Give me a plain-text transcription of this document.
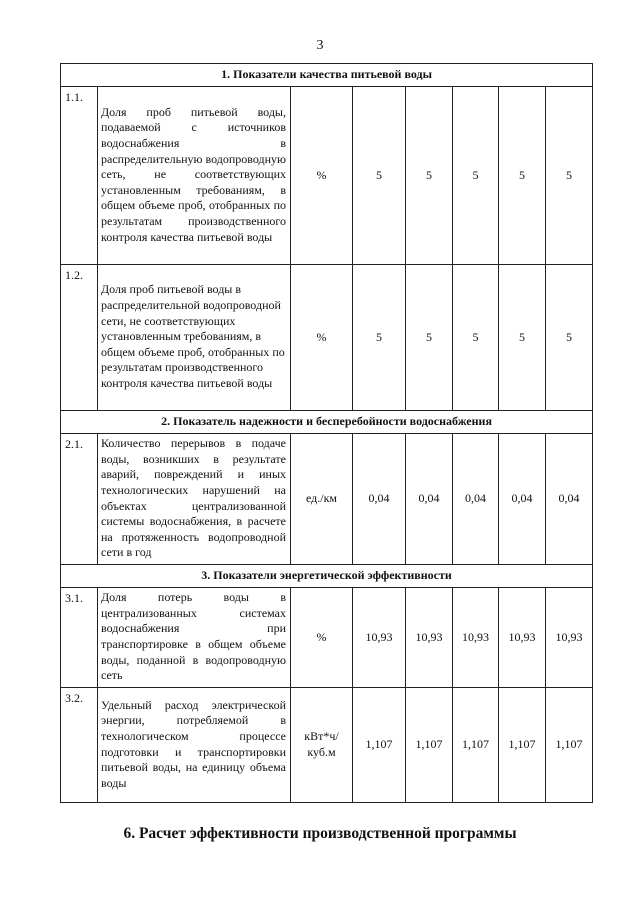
3
1. Показатели качества питьевой воды							
1.1.	Доля проб питьевой воды, подаваемой с источников водоснабжения в распределительную водопроводную сеть, не соответствующих установленным требованиям, в общем объеме проб, отобранных по результатам производственного контроля качества питьевой воды	%	5	5	5	5	5
1.2.	Доля проб питьевой воды в распределительной водопроводной сети, не соответствующих установленным требованиям, в общем объеме проб, отобранных по результатам производственного контроля качества питьевой воды	%	5	5	5	5	5
2. Показатель надежности и бесперебойности водоснабжения							
2.1.	Количество перерывов в подаче воды, возникших в результате аварий, повреждений и иных технологических нарушений на объектах централизованной системы водоснабжения, в расчете на протяженность водопроводной сети в год	ед./км	0,04	0,04	0,04	0,04	0,04
3. Показатели энергетической эффективности							
3.1.	Доля потерь воды в централизованных системах водоснабжения при транспортировке в общем объеме воды, поданной в водопроводную сеть	%	10,93	10,93	10,93	10,93	10,93
3.2.	Удельный расход электрической энергии, потребляемой в технологическом процессе подготовки и транспортировки питьевой воды, на единицу объема воды	кВт*ч/ куб.м	1,107	1,107	1,107	1,107	1,107
6. Расчет эффективности производственной программы
